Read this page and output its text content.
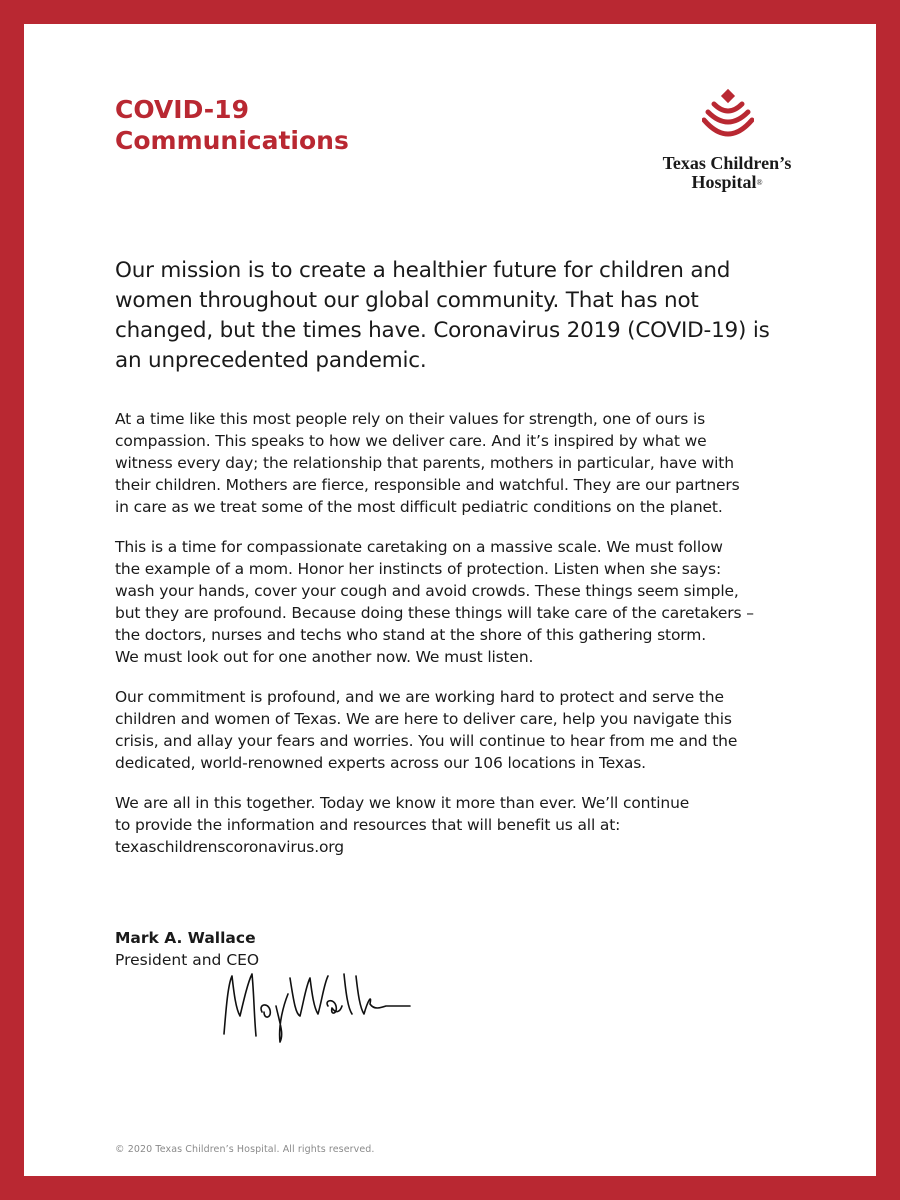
COVID-19
Communications
Texas Children’s
Hospital®

Our mission is to create a healthier future for children and women throughout our global community. That has not changed, but the times have. Coronavirus 2019 (COVID-19) is an unprecedented pandemic.

At a time like this most people rely on their values for strength, one of ours is
compassion. This speaks to how we deliver care. And it’s inspired by what we
witness every day; the relationship that parents, mothers in particular, have with
their children. Mothers are fierce, responsible and watchful. They are our partners
in care as we treat some of the most difficult pediatric conditions on the planet.

This is a time for compassionate caretaking on a massive scale. We must follow
the example of a mom. Honor her instincts of protection. Listen when she says:
wash your hands, cover your cough and avoid crowds. These things seem simple,
but they are profound. Because doing these things will take care of the caretakers –
the doctors, nurses and techs who stand at the shore of this gathering storm.
We must look out for one another now. We must listen.

Our commitment is profound, and we are working hard to protect and serve the
children and women of Texas. We are here to deliver care, help you navigate this
crisis, and allay your fears and worries. You will continue to hear from me and the
dedicated, world-renowned experts across our 106 locations in Texas.

We are all in this together. Today we know it more than ever. We’ll continue
to provide the information and resources that will benefit us all at:
texaschildrenscoronavirus.org

Mark A. Wallace
President and CEO
© 2020 Texas Children’s Hospital. All rights reserved.
